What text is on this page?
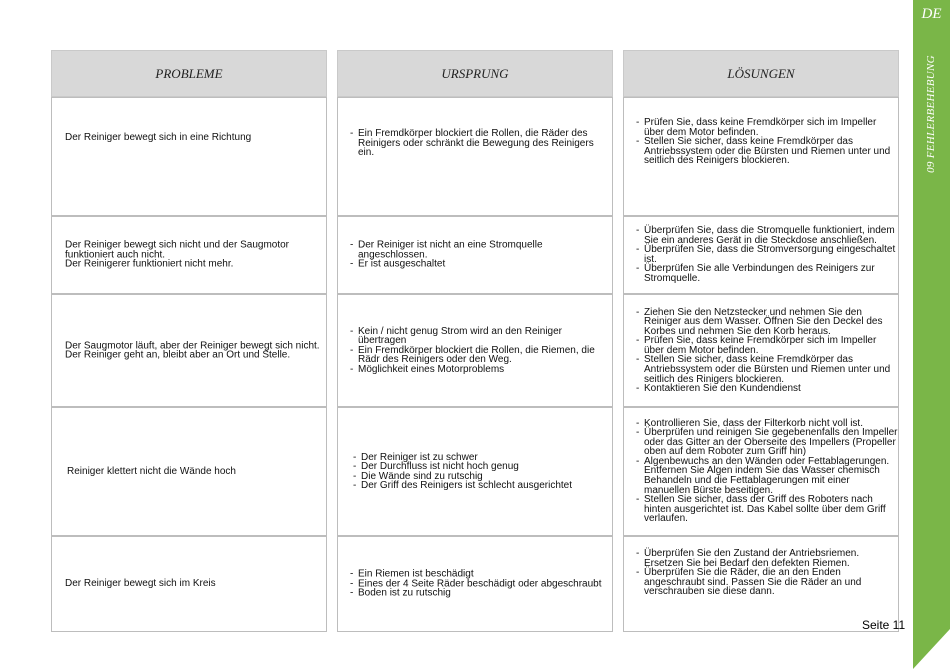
DE
09 FEHLERBEHEBUNG
PROBLEME	URSPRUNG	LÖSUNGEN
Der Reiniger bewegt sich in eine Richtung
-	Ein Fremdkörper blockiert die Rollen, die Räder des Reinigers oder schränkt die Bewegung des Reinigers ein.
- Prüfen Sie, dass keine Fremdkörper sich im Impeller über dem Motor befinden.
- Stellen Sie sicher, dass keine Fremdkörper das Antriebssystem oder die Bürsten und Riemen unter und seitlich des Reinigers blockieren.
Der Reiniger bewegt sich nicht und der Saugmotor funktioniert auch nicht.
Der Reinigerer funktioniert nicht mehr.
- Der Reiniger ist nicht an eine Stromquelle angeschlossen.
- Er ist ausgeschaltet
- Überprüfen Sie, dass die Stromquelle funktioniert, indem Sie ein anderes Gerät in die Steckdose anschließen.
- Überprüfen Sie, dass die Stromversorgung eingeschaltet ist.
- Überprüfen Sie alle Verbindungen des Reinigers zur Stromquelle.
Der Saugmotor läuft, aber der Reiniger bewegt sich nicht.
Der Reiniger geht an, bleibt aber an Ort und Stelle.
- Kein / nicht genug Strom wird an den Reiniger übertragen
- Ein Fremdkörper blockiert die Rollen, die Riemen, die Rädr des Reinigers oder den Weg.
- Möglichkeit eines Motorproblems
- Ziehen Sie den Netzstecker und nehmen Sie den Reiniger aus dem Wasser. Öffnen Sie den Deckel des Korbes und nehmen Sie den Korb heraus.
- Prüfen Sie, dass keine Fremdkörper sich im Impeller über dem Motor befinden.
- Stellen Sie sicher, dass keine Fremdkörper das Antriebssystem oder die Bürsten und Riemen unter und seitlich des Rinigers blockieren.
- Kontaktieren Sie den Kundendienst
Reiniger klettert nicht die Wände hoch
- Der Reiniger ist zu schwer
- Der Durchfluss ist nicht hoch genug
- Die Wände sind zu rutschig
- Der Griff des Reinigers ist schlecht ausgerichtet
- Kontrollieren Sie, dass der Filterkorb nicht voll ist.
- Überprüfen und reinigen Sie gegebenenfalls den Impeller oder das Gitter an der Oberseite des Impellers (Propeller oben auf dem Roboter zum Griff hin)
- Algenbewuchs an den Wänden oder Fettablagerungen. Entfernen Sie Algen indem Sie das Wasser chemisch Behandeln und die Fettablagerungen mit einer manuellen Bürste beseitigen.
- Stellen Sie sicher, dass der Griff des Roboters nach hinten ausgerichtet ist. Das Kabel sollte über dem Griff verlaufen.
Der Reiniger bewegt sich im Kreis
- Ein Riemen ist beschädigt
- Eines der 4 Seite Räder beschädigt oder abgeschraubt
- Boden ist zu rutschig
- Überprüfen Sie den Zustand der Antriebsriemen. Ersetzen Sie bei Bedarf den defekten Riemen.
- Überprüfen Sie die Räder, die an den Enden angeschraubt sind. Passen Sie die Räder an und verschrauben sie diese dann.
Seite 11
